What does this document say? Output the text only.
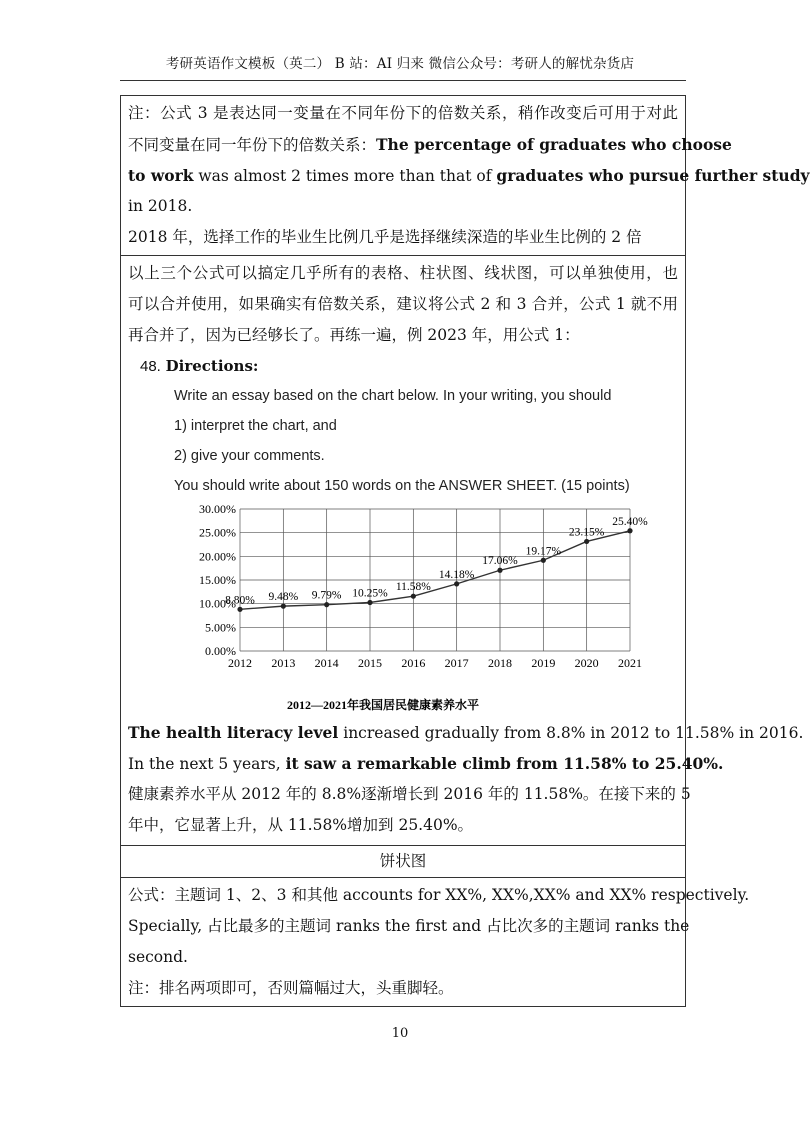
考研英语作文模板（英二） B 站：AI 归来 微信公众号：考研人的解忧杂货店
注：公式 3 是表达同一变量在不同年份下的倍数关系，稍作改变后可用于对此
不同变量在同一年份下的倍数关系：The percentage of graduates who choose
to work was almost 2 times more than that of graduates who pursue further study
in 2018.
2018 年，选择工作的毕业生比例几乎是选择继续深造的毕业生比例的 2 倍
以上三个公式可以搞定几乎所有的表格、柱状图、线状图，可以单独使用，也
可以合并使用，如果确实有倍数关系，建议将公式 2 和 3 合并，公式 1 就不用
再合并了，因为已经够长了。再练一遍，例 2023 年，用公式 1：
48. Directions:
Write an essay based on the chart below. In your writing, you should
1) interpret the chart, and
2) give your comments.
You should write about 150 words on the ANSWER SHEET. (15 points)
0.00%
5.00%
10.00%
15.00%
20.00%
25.00%
30.00%
2012 2013 2014 2015 2016 2017 2018 2019 2020 2021
8.80% 9.48% 9.79% 10.25%
11.58%
14.18%
17.06%
19.17%
23.15%
25.40%
2012—2021年我国居民健康素养水平
The health literacy level increased gradually from 8.8% in 2012 to 11.58% in 2016.
In the next 5 years, it saw a remarkable climb from 11.58% to 25.40%.
健康素养水平从 2012 年的 8.8%逐渐增长到 2016 年的 11.58%。在接下来的 5
年中，它显著上升，从 11.58%增加到 25.40%。
饼状图
公式：主题词 1、2、3 和其他 accounts for XX%, XX%,XX% and XX% respectively.
Specially, 占比最多的主题词 ranks the first and 占比次多的主题词 ranks the
second.
注：排名两项即可，否则篇幅过大，头重脚轻。
10
